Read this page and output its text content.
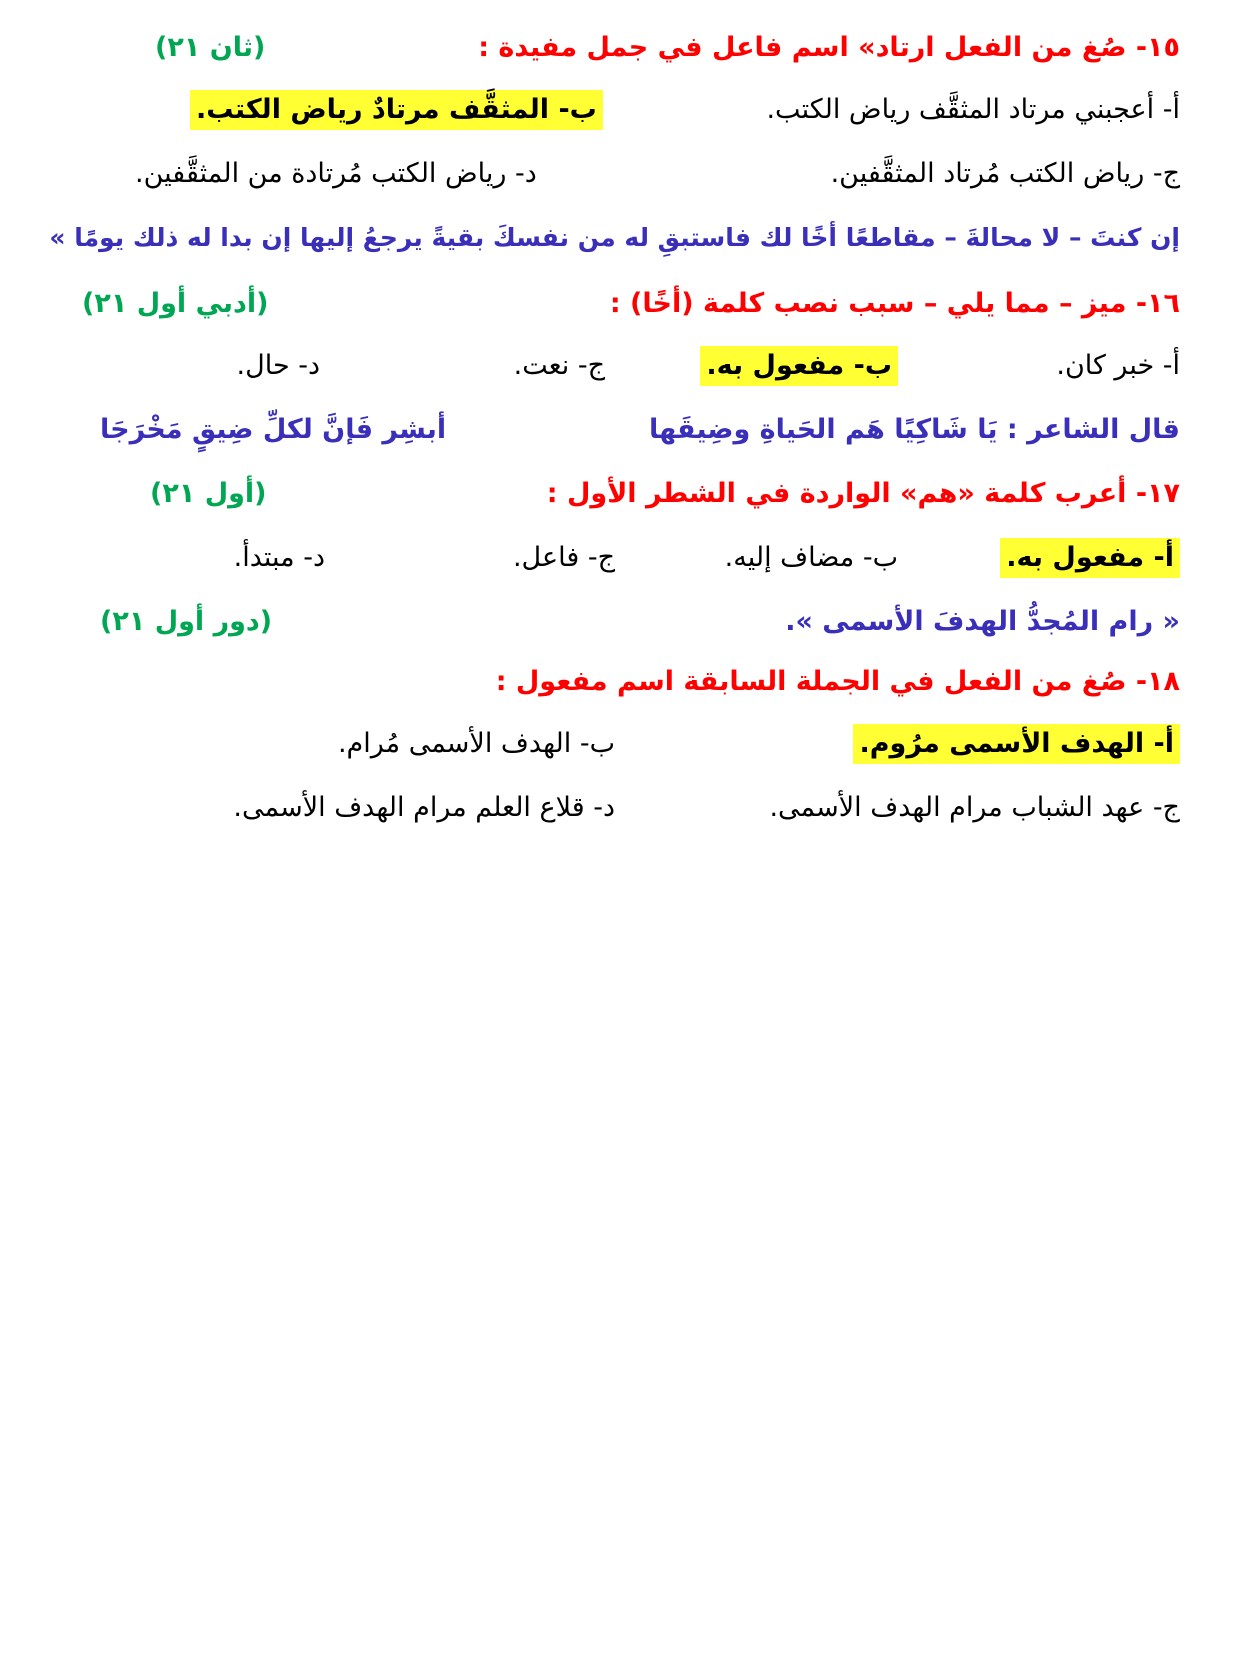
١٥- صُغ من الفعل ارتاد» اسم فاعل في جمل مفيدة :
(ثان ٢١)
أ- أعجبني مرتاد المثقَّف رياض الكتب.
ب- المثقَّف مرتادٌ رياض الكتب.
ج- رياض الكتب مُرتاد المثقَّفين.
د- رياض الكتب مُرتادة من المثقَّفين.
إن كنتَ – لا محالةَ – مقاطعًا أخًا لك فاستبقِ له من نفسكَ بقيةً يرجعُ إليها إن بدا له ذلك يومًا »
١٦- ميز – مما يلي – سبب نصب كلمة (أخًا) :
(أدبي أول ٢١)
أ- خبر كان.
ب- مفعول به.
ج- نعت.
د- حال.
قال الشاعر : يَا شَاكِيًا هَم الحَياةِ وضِيقَها
أبشِر فَإنَّ لكلِّ ضِيقٍ مَخْرَجَا
١٧- أعرب كلمة «هم» الواردة في الشطر الأول :
(أول ٢١)
أ- مفعول به.
ب- مضاف إليه.
ج- فاعل.
د- مبتدأ.
« رام المُجدُّ الهدفَ الأسمى ».
(دور أول ٢١)
١٨- صُغ من الفعل في الجملة السابقة اسم مفعول :
أ- الهدف الأسمى مرُوم.
ب- الهدف الأسمى مُرام.
ج- عهد الشباب مرام الهدف الأسمى.
د- قلاع العلم مرام الهدف الأسمى.
